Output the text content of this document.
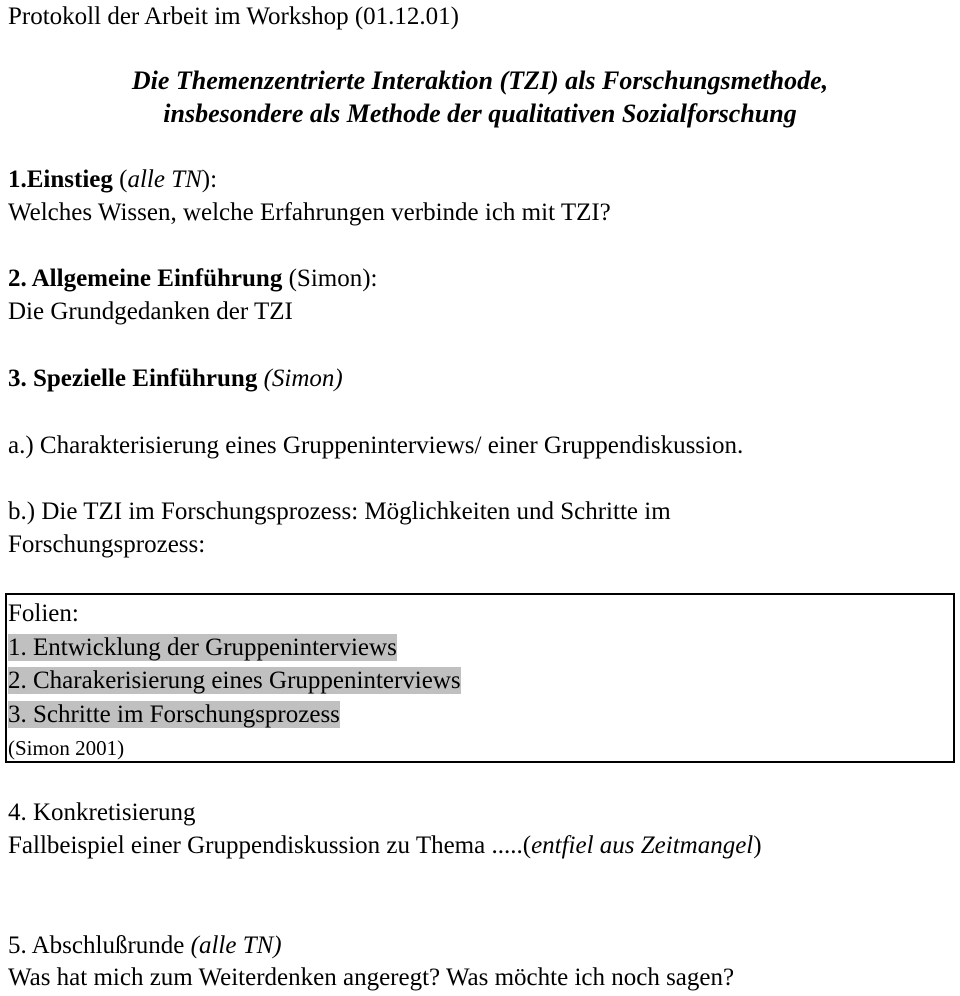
Protokoll der Arbeit im Workshop (01.12.01)
Die Themenzentrierte Interaktion (TZI) als Forschungsmethode,
insbesondere als Methode der qualitativen Sozialforschung
1.Einstieg (alle TN):
Welches Wissen, welche Erfahrungen verbinde ich mit TZI?
2. Allgemeine Einführung (Simon):
Die Grundgedanken der TZI
3. Spezielle Einführung (Simon)
a.) Charakterisierung eines Gruppeninterviews/ einer Gruppendiskussion.
b.) Die TZI im Forschungsprozess: Möglichkeiten und Schritte im
Forschungsprozess:
Folien:
1. Entwicklung der Gruppeninterviews
2. Charakerisierung eines Gruppeninterviews
3. Schritte im Forschungsprozess
(Simon 2001)
4. Konkretisierung
Fallbeispiel einer Gruppendiskussion zu Thema .....(entfiel aus Zeitmangel)
5. Abschlußrunde (alle TN)
Was hat mich zum Weiterdenken angeregt? Was möchte ich noch sagen?
